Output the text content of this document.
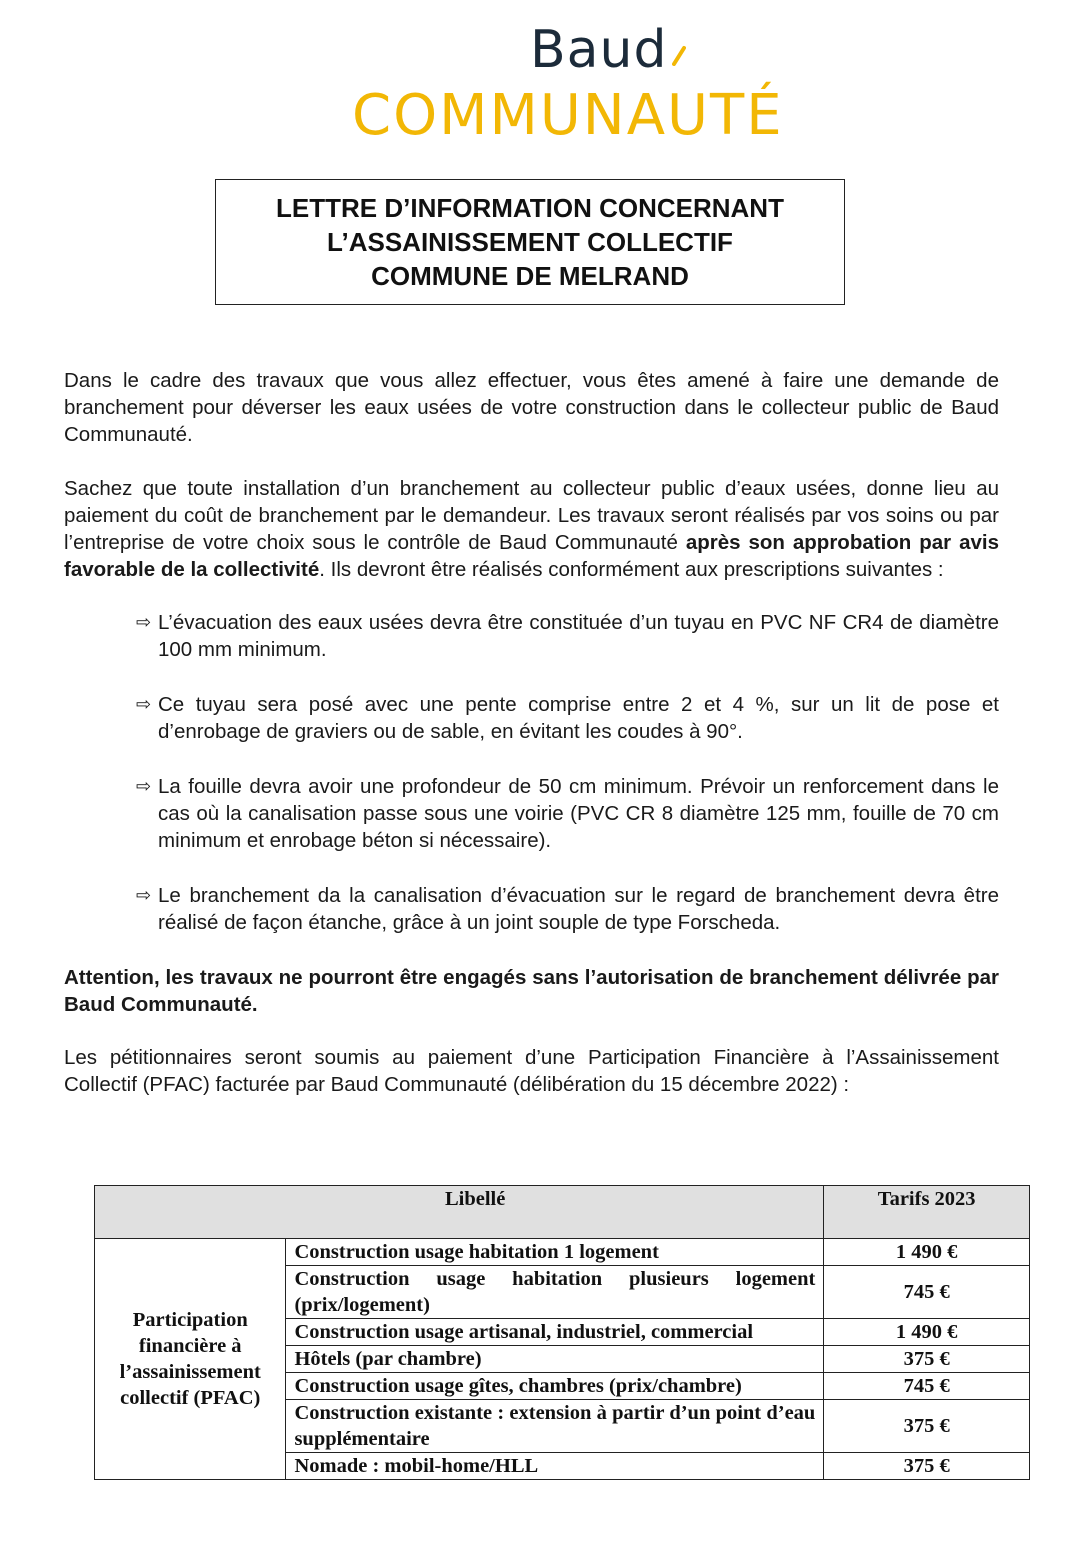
Baud
COMMUNAUTÉ
LETTRE D’INFORMATION CONCERNANT
L’ASSAINISSEMENT COLLECTIF
COMMUNE DE MELRAND

Dans le cadre des travaux que vous allez effectuer, vous êtes amené à faire une demande de branchement pour déverser les eaux usées de votre construction dans le collecteur public de Baud Communauté.

Sachez que toute installation d’un branchement au collecteur public d’eaux usées, donne lieu au paiement du coût de branchement par le demandeur. Les travaux seront réalisés par vos soins ou par l’entreprise de votre choix sous le contrôle de Baud Communauté après son approbation par avis favorable de la collectivité. Ils devront être réalisés conformément aux prescriptions suivantes :

⇨ L’évacuation des eaux usées devra être constituée d’un tuyau en PVC NF CR4 de diamètre 100 mm minimum.
⇨ Ce tuyau sera posé avec une pente comprise entre 2 et 4 %, sur un lit de pose et d’enrobage de graviers ou de sable, en évitant les coudes à 90°.
⇨ La fouille devra avoir une profondeur de 50 cm minimum. Prévoir un renforcement dans le cas où la canalisation passe sous une voirie (PVC CR 8 diamètre 125 mm, fouille de 70 cm minimum et enrobage béton si nécessaire).
⇨ Le branchement da la canalisation d’évacuation sur le regard de branchement devra être réalisé de façon étanche, grâce à un joint souple de type Forscheda.

Attention, les travaux ne pourront être engagés sans l’autorisation de branchement délivrée par Baud Communauté.

Les pétitionnaires seront soumis au paiement d’une Participation Financière à l’Assainissement Collectif (PFAC) facturée par Baud Communauté (délibération du 15 décembre 2022) :

Libellé		Tarifs 2023
Participation financière à l’assainissement collectif (PFAC)	Construction usage habitation 1 logement	1 490 €
	Construction usage habitation plusieurs logement (prix/logement)	745 €
	Construction usage artisanal, industriel, commercial	1 490 €
	Hôtels (par chambre)	375 €
	Construction usage gîtes, chambres (prix/chambre)	745 €
	Construction existante : extension à partir d’un point d’eau supplémentaire	375 €
	Nomade : mobil-home/HLL	375 €
